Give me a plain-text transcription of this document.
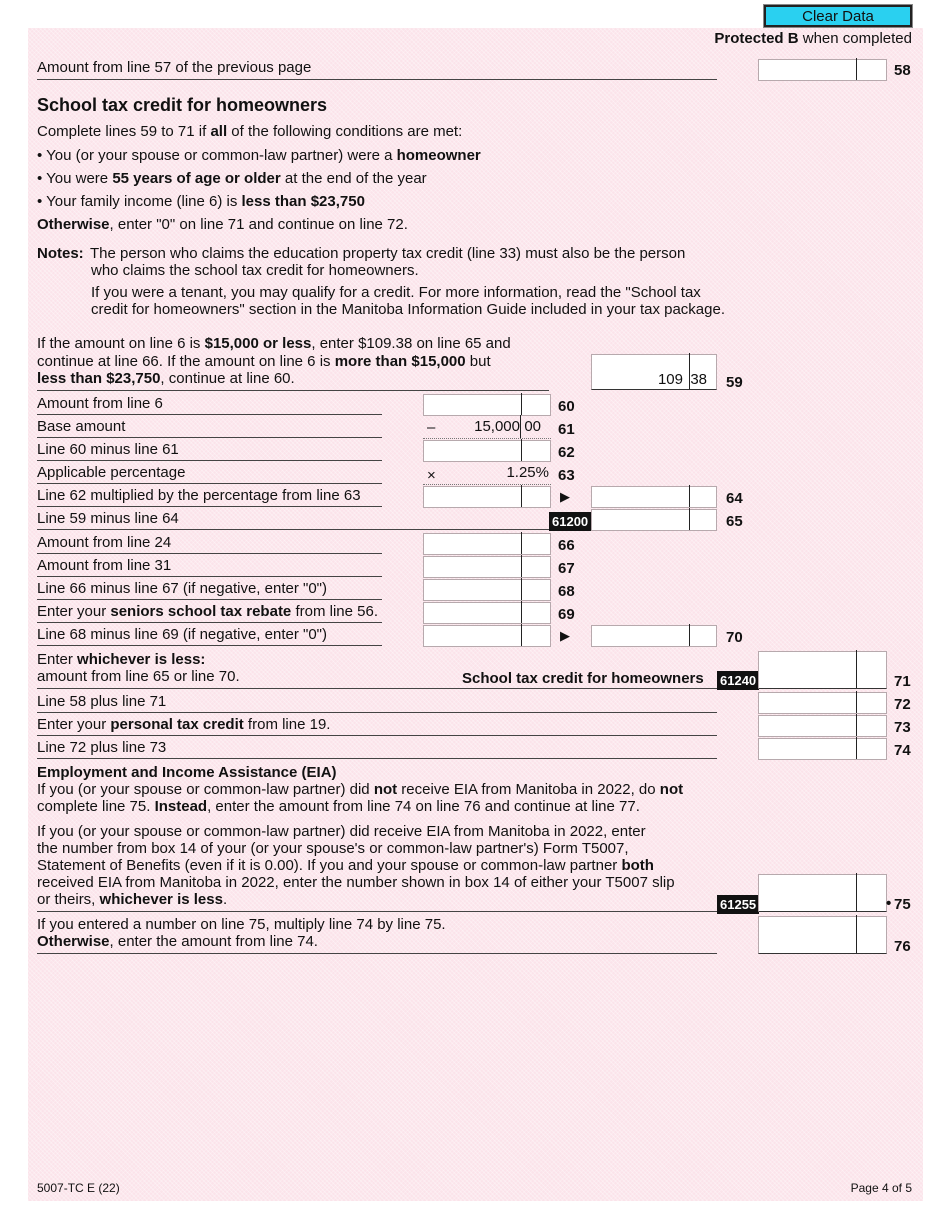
Clear Data
Protected B when completed
Amount from line 57 of the previous page	58
School tax credit for homeowners
Complete lines 59 to 71 if all of the following conditions are met:
• You (or your spouse or common-law partner) were a homeowner
• You were 55 years of age or older at the end of the year
• Your family income (line 6) is less than $23,750
Otherwise, enter "0" on line 71 and continue on line 72.
Notes: The person who claims the education property tax credit (line 33) must also be the person
who claims the school tax credit for homeowners.
If you were a tenant, you may qualify for a credit. For more information, read the "School tax
credit for homeowners" section in the Manitoba Information Guide included in your tax package.
If the amount on line 6 is $15,000 or less, enter $109.38 on line 65 and
continue at line 66. If the amount on line 6 is more than $15,000 but
less than $23,750, continue at line 60.	109 38 59
Amount from line 6	60
Base amount	–	15,000 00 61
Line 60 minus line 61	62
Applicable percentage	×	1.25% 63
Line 62 multiplied by the percentage from line 63	▶	64
Line 59 minus line 64	61200	65
Amount from line 24	66
Amount from line 31	67
Line 66 minus line 67 (if negative, enter "0")	68
Enter your seniors school tax rebate from line 56.	69
Line 68 minus line 69 (if negative, enter "0")	▶	70
Enter whichever is less:
amount from line 65 or line 70.	School tax credit for homeowners 61240	71
Line 58 plus line 71	72
Enter your personal tax credit from line 19.	73
Line 72 plus line 73	74
Employment and Income Assistance (EIA)
If you (or your spouse or common-law partner) did not receive EIA from Manitoba in 2022, do not
complete line 75. Instead, enter the amount from line 74 on line 76 and continue at line 77.
If you (or your spouse or common-law partner) did receive EIA from Manitoba in 2022, enter
the number from box 14 of your (or your spouse's or common-law partner's) Form T5007,
Statement of Benefits (even if it is 0.00). If you and your spouse or common-law partner both
received EIA from Manitoba in 2022, enter the number shown in box 14 of either your T5007 slip
or theirs, whichever is less.	61255	• 75
If you entered a number on line 75, multiply line 74 by line 75.
Otherwise, enter the amount from line 74.	76
5007-TC E (22)	Page 4 of 5
